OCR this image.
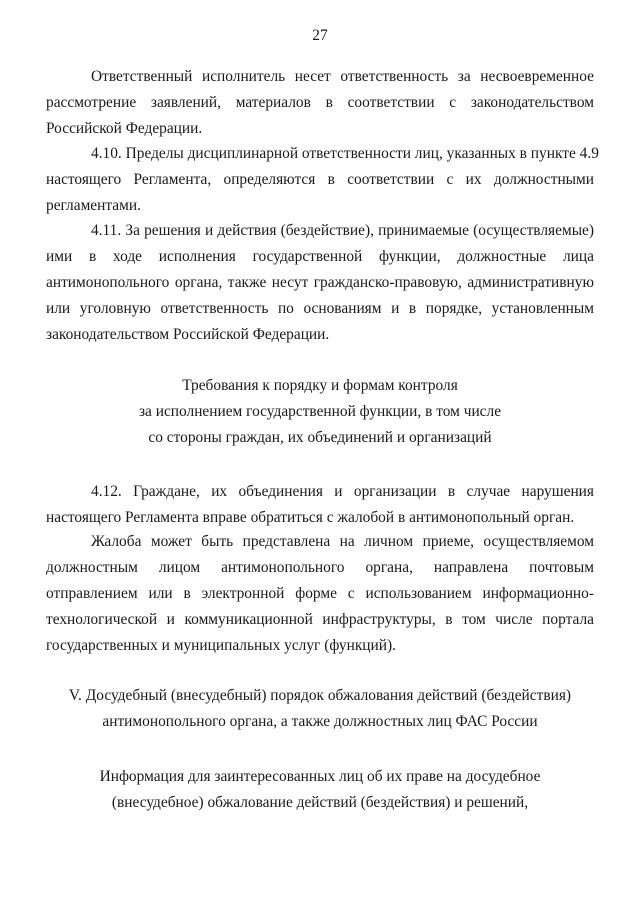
27
Ответственный исполнитель несет ответственность за несвоевременное
рассмотрение заявлений, материалов в соответствии с законодательством
Российской Федерации.
4.10. Пределы дисциплинарной ответственности лиц, указанных в пункте 4.9
настоящего Регламента, определяются в соответствии с их должностными
регламентами.
4.11. За решения и действия (бездействие), принимаемые (осуществляемые)
ими в ходе исполнения государственной функции, должностные лица
антимонопольного органа, также несут гражданско-правовую, административную
или уголовную ответственность по основаниям и в порядке, установленным
законодательством Российской Федерации.
Требования к порядку и формам контроля
за исполнением государственной функции, в том числе
со стороны граждан, их объединений и организаций
4.12. Граждане, их объединения и организации в случае нарушения
настоящего Регламента вправе обратиться с жалобой в антимонопольный орган.
Жалоба может быть представлена на личном приеме, осуществляемом
должностным лицом антимонопольного органа, направлена почтовым
отправлением или в электронной форме с использованием информационно-
технологической и коммуникационной инфраструктуры, в том числе портала
государственных и муниципальных услуг (функций).
V. Досудебный (внесудебный) порядок обжалования действий (бездействия)
антимонопольного органа, а также должностных лиц ФАС России
Информация для заинтересованных лиц об их праве на досудебное
(внесудебное) обжалование действий (бездействия) и решений,
